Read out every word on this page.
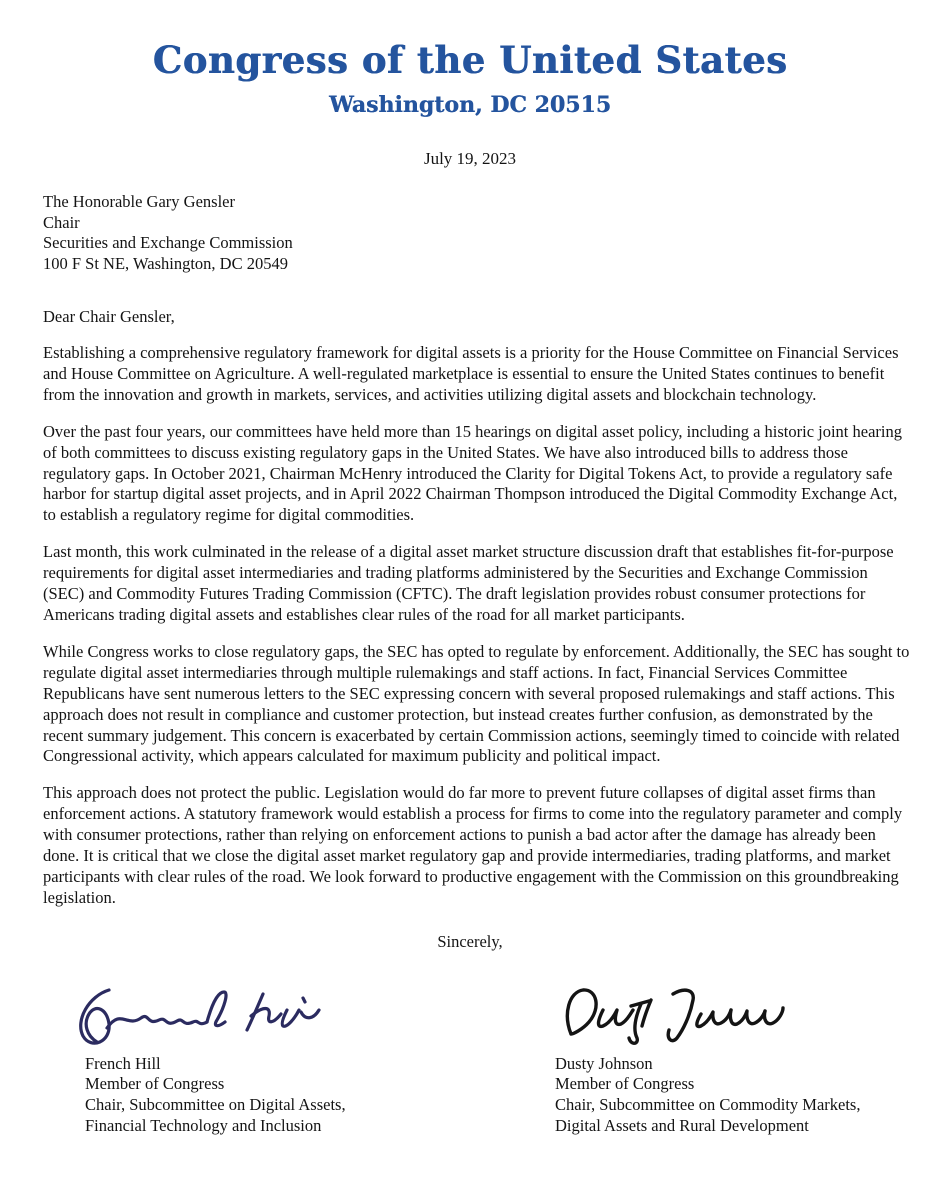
Congress of the United States
Washington, DC 20515
July 19, 2023
The Honorable Gary Gensler
Chair
Securities and Exchange Commission
100 F St NE, Washington, DC 20549
Dear Chair Gensler,

Establishing a comprehensive regulatory framework for digital assets is a priority for the House Committee on Financial Services and House Committee on Agriculture. A well-regulated marketplace is essential to ensure the United States continues to benefit from the innovation and growth in markets, services, and activities utilizing digital assets and blockchain technology.

Over the past four years, our committees have held more than 15 hearings on digital asset policy, including a historic joint hearing of both committees to discuss existing regulatory gaps in the United States. We have also introduced bills to address those regulatory gaps. In October 2021, Chairman McHenry introduced the Clarity for Digital Tokens Act, to provide a regulatory safe harbor for startup digital asset projects, and in April 2022 Chairman Thompson introduced the Digital Commodity Exchange Act, to establish a regulatory regime for digital commodities.

Last month, this work culminated in the release of a digital asset market structure discussion draft that establishes fit-for-purpose requirements for digital asset intermediaries and trading platforms administered by the Securities and Exchange Commission (SEC) and Commodity Futures Trading Commission (CFTC). The draft legislation provides robust consumer protections for Americans trading digital assets and establishes clear rules of the road for all market participants.

While Congress works to close regulatory gaps, the SEC has opted to regulate by enforcement. Additionally, the SEC has sought to regulate digital asset intermediaries through multiple rulemakings and staff actions. In fact, Financial Services Committee Republicans have sent numerous letters to the SEC expressing concern with several proposed rulemakings and staff actions. This approach does not result in compliance and customer protection, but instead creates further confusion, as demonstrated by the recent summary judgement. This concern is exacerbated by certain Commission actions, seemingly timed to coincide with related Congressional activity, which appears calculated for maximum publicity and political impact.

This approach does not protect the public. Legislation would do far more to prevent future collapses of digital asset firms than enforcement actions. A statutory framework would establish a process for firms to come into the regulatory parameter and comply with consumer protections, rather than relying on enforcement actions to punish a bad actor after the damage has already been done. It is critical that we close the digital asset market regulatory gap and provide intermediaries, trading platforms, and market participants with clear rules of the road. We look forward to productive engagement with the Commission on this groundbreaking legislation.

Sincerely,
French Hill
Member of Congress
Chair, Subcommittee on Digital Assets,
Financial Technology and Inclusion
Dusty Johnson
Member of Congress
Chair, Subcommittee on Commodity Markets,
Digital Assets and Rural Development
